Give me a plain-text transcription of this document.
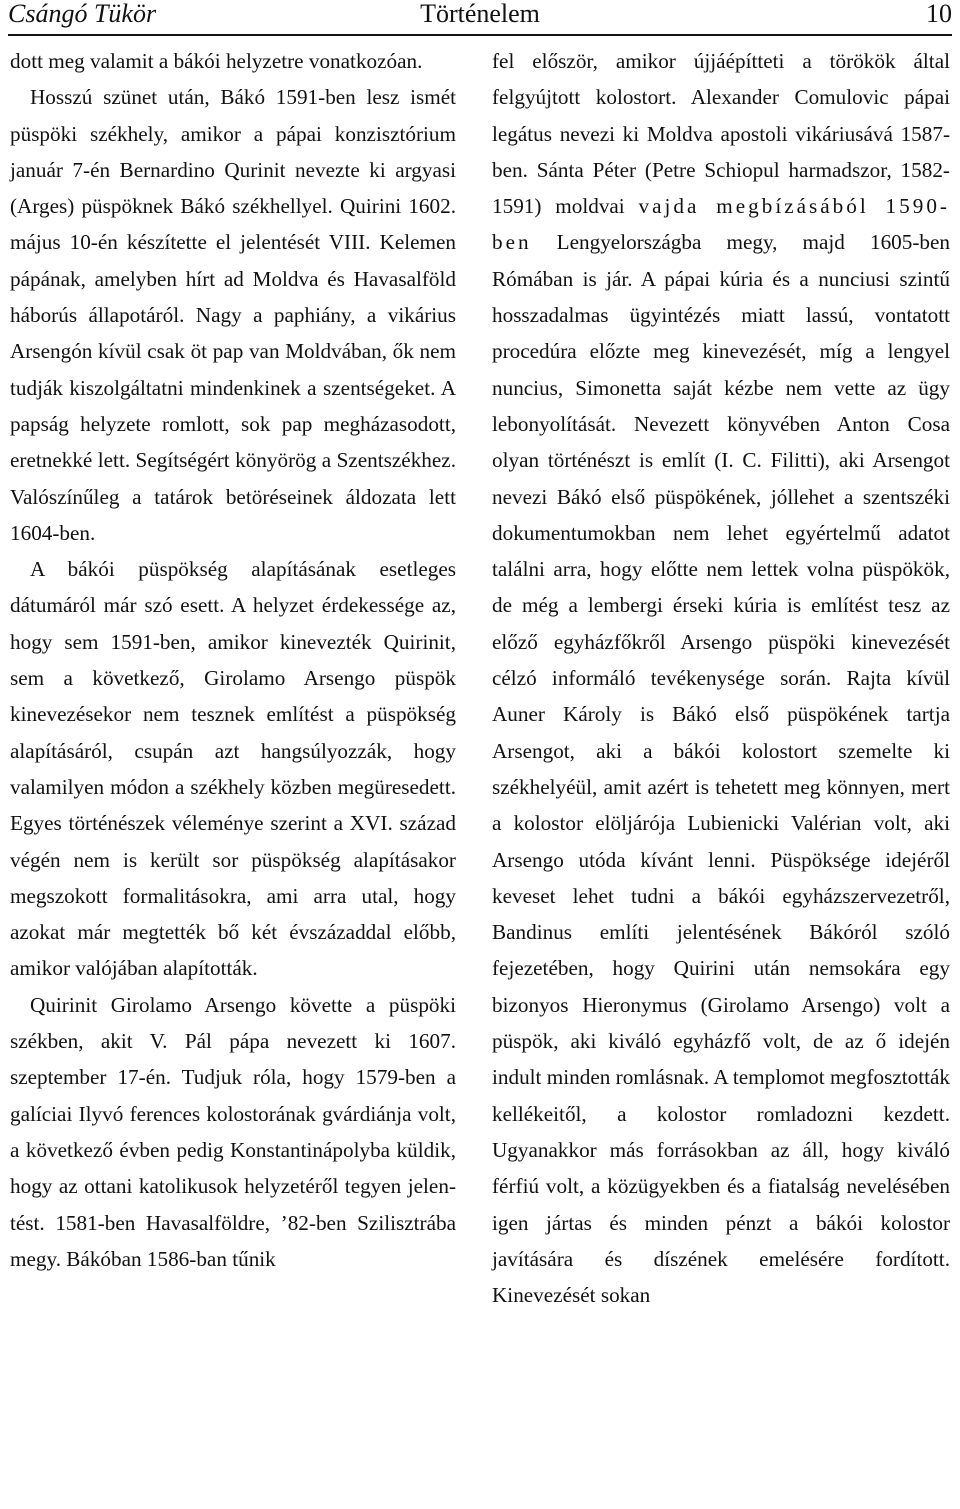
Csángó Tükör	Történelem	10

dott meg valamit a bákói helyzetre vonatkozóan.

Hosszú szünet után, Bákó 1591-ben lesz ismét püspöki székhely, amikor a pápai konzisztórium január 7-én Bernardino Qurinit nevezte ki argyasi (Arges) püspöknek Bákó székhellyel. Quirini 1602. május 10-én készítette el jelentését VIII. Kelemen pápának, amelyben hírt ad Moldva és Havasalföld háborús állapotáról. Nagy a paphiány, a vikárius Arsengón kívül csak öt pap van Moldvában, ők nem tudják kiszolgáltatni mindenkinek a szentségeket. A papság helyzete romlott, sok pap megházasodott, eretnekké lett. Segítségért könyörög a Szentszékhez. Valószínűleg a tatárok betöréseinek áldozata lett 1604-ben.

A bákói püspökség alapításának esetleges dátumáról már szó esett. A helyzet érdekessége az, hogy sem 1591-ben, amikor kinevezték Quirinit, sem a következő, Girolamo Arsengo püspök kinevezésekor nem tesznek említést a püspökség alapításáról, csupán azt hangsúlyozzák, hogy valamilyen módon a székhely közben megüresedett. Egyes történészek véleménye szerint a XVI. század végén nem is került sor püspökség alapításakor megszokott formalitásokra, ami arra utal, hogy azokat már megtették bő két évszázaddal előbb, amikor valójában alapították.

Quirinit Girolamo Arsengo követte a püspöki székben, akit V. Pál pápa nevezett ki 1607. szeptember 17-én. Tudjuk róla, hogy 1579-ben a galíciai Ilyvó ferences kolostorának gvárdiánja volt, a következő évben pedig Konstantinápolyba küldik, hogy az ottani katolikusok helyzetéről tegyen jelentést. 1581-ben Havasalföldre, ’82-ben Szilisztrába megy. Bákóban 1586-ban tűnik

fel először, amikor újjáépítteti a törökök által felgyújtott kolostort. Alexander Comulovic pápai legátus nevezi ki Moldva apostoli vikáriusává 1587-ben. Sánta Péter (Petre Schiopul harmadszor, 1582-1591) moldvai vajda megbízásából 1590-ben Lengyelországba megy, majd 1605-ben Rómában is jár. A pápai kúria és a nunciusi szintű hosszadalmas ügyintézés miatt lassú, vontatott procedúra előzte meg kinevezését, míg a lengyel nuncius, Simonetta saját kézbe nem vette az ügy lebonyolítását. Nevezett könyvében Anton Cosa olyan történészt is említ (I. C. Filitti), aki Arsengot nevezi Bákó első püspökének, jóllehet a szentszéki dokumentumokban nem lehet egyértelmű adatot találni arra, hogy előtte nem lettek volna püspökök, de még a lembergi érseki kúria is említést tesz az előző egyházfőkről Arsengo püspöki kinevezését célzó informáló tevékenysége során. Rajta kívül Auner Károly is Bákó első püspökének tartja Arsengot, aki a bákói kolostort szemelte ki székhelyéül, amit azért is tehetett meg könnyen, mert a kolostor elöljárója Lubienicki Valérian volt, aki Arsengo utóda kívánt lenni. Püspöksége idejéről keveset lehet tudni a bákói egyházszervezetről, Bandinus említi jelentésének Bákóról szóló fejezetében, hogy Quirini után nemsokára egy bizonyos Hieronymus (Girolamo Arsengo) volt a püspök, aki kiváló egyházfő volt, de az ő idején indult minden romlásnak. A templomot megfosztották kellékeitől, a kolostor romladozni kezdett. Ugyanakkor más forrásokban az áll, hogy kiváló férfiú volt, a közügyekben és a fiatalság nevelésében igen jártas és minden pénzt a bákói kolostor javítására és díszének emelésére fordított. Kinevezését sokan
